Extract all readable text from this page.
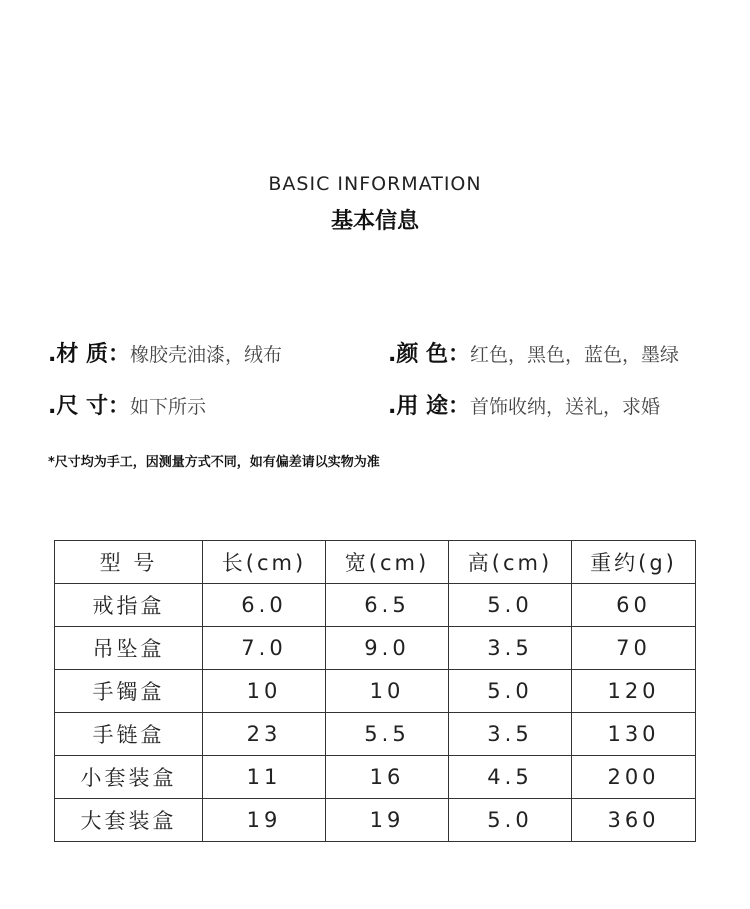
BASIC INFORMATION
基本信息
.材 质：橡胶壳油漆，绒布	.颜 色：红色，黑色，蓝色，墨绿
.尺 寸：如下所示	.用 途：首饰收纳，送礼，求婚
*尺寸均为手工，因测量方式不同，如有偏差请以实物为准
型 号	长(cm)	宽(cm)	高(cm)	重约(g)
戒指盒	6.0	6.5	5.0	60
吊坠盒	7.0	9.0	3.5	70
手镯盒	10	10	5.0	120
手链盒	23	5.5	3.5	130
小套装盒	11	16	4.5	200
大套装盒	19	19	5.0	360
